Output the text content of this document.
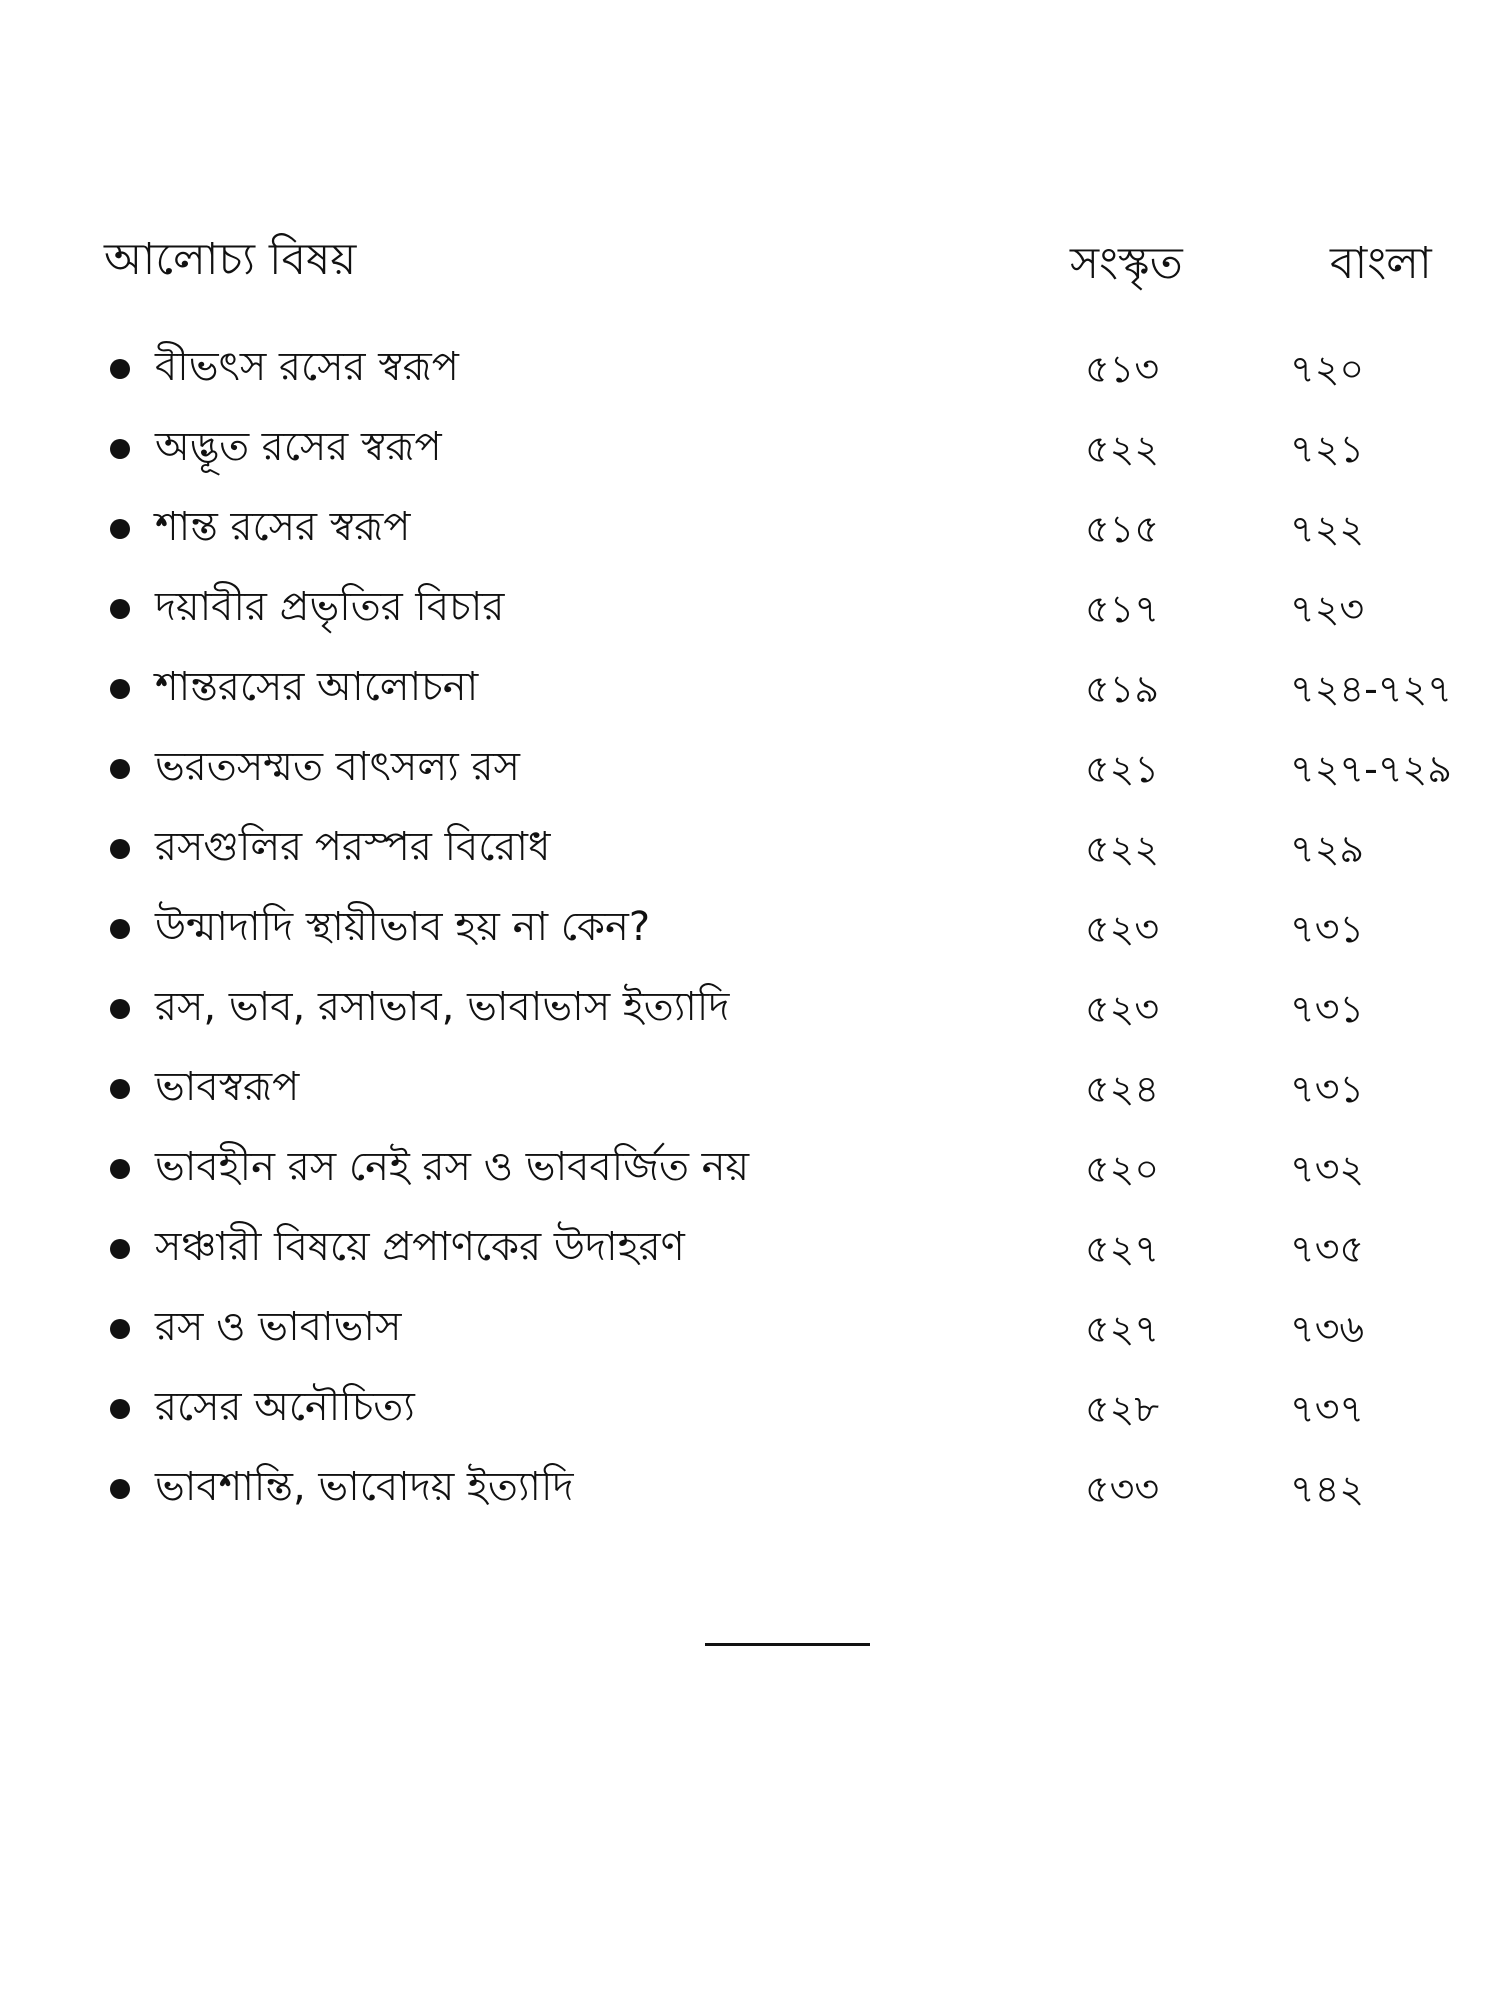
আলোচ্য বিষয়	সংস্কৃত	বাংলা
বীভৎস রসের স্বরূপ	৫১৩	৭২০
অদ্ভূত রসের স্বরূপ	৫২২	৭২১
শান্ত রসের স্বরূপ	৫১৫	৭২২
দয়াবীর প্রভৃতির বিচার	৫১৭	৭২৩
শান্তরসের আলোচনা	৫১৯	৭২৪-৭২৭
ভরতসম্মত বাৎসল্য রস	৫২১	৭২৭-৭২৯
রসগুলির পরস্পর বিরোধ	৫২২	৭২৯
উন্মাদাদি স্থায়ীভাব হয় না কেন?	৫২৩	৭৩১
রস, ভাব, রসাভাব, ভাবাভাস ইত্যাদি	৫২৩	৭৩১
ভাবস্বরূপ	৫২৪	৭৩১
ভাবহীন রস নেই রস ও ভাববর্জিত নয়	৫২০	৭৩২
সঞ্চারী বিষয়ে প্রপাণকের উদাহরণ	৫২৭	৭৩৫
রস ও ভাবাভাস	৫২৭	৭৩৬
রসের অনৌচিত্য	৫২৮	৭৩৭
ভাবশান্তি, ভাবোদয় ইত্যাদি	৫৩৩	৭৪২
